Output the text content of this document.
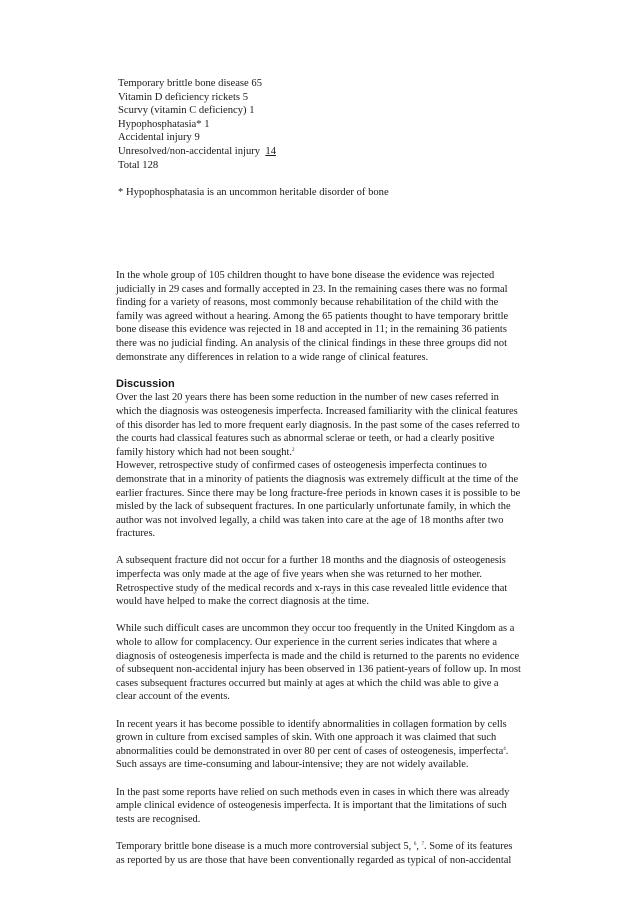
Temporary brittle bone disease 65
Vitamin D deficiency rickets 5
Scurvy (vitamin C deficiency) 1
Hypophosphatasia* 1
Accidental injury 9
Unresolved/non-accidental injury 14
Total 128
* Hypophosphatasia is an uncommon heritable disorder of bone

In the whole group of 105 children thought to have bone disease the evidence was rejected
judicially in 29 cases and formally accepted in 23. In the remaining cases there was no formal
finding for a variety of reasons, most commonly because rehabilitation of the child with the
family was agreed without a hearing. Among the 65 patients thought to have temporary brittle
bone disease this evidence was rejected in 18 and accepted in 11; in the remaining 36 patients
there was no judicial finding. An analysis of the clinical findings in these three groups did not
demonstrate any differences in relation to a wide range of clinical features.

Discussion

Over the last 20 years there has been some reduction in the number of new cases referred in
which the diagnosis was osteogenesis imperfecta. Increased familiarity with the clinical features
of this disorder has led to more frequent early diagnosis. In the past some of the cases referred to
the courts had classical features such as abnormal sclerae or teeth, or had a clearly positive
family history which had not been sought.$^2$

However, retrospective study of confirmed cases of osteogenesis imperfecta continues to
demonstrate that in a minority of patients the diagnosis was extremely difficult at the time of the
earlier fractures. Since there may be long fracture-free periods in known cases it is possible to be
misled by the lack of subsequent fractures. In one particularly unfortunate family, in which the
author was not involved legally, a child was taken into care at the age of 18 months after two
fractures.

A subsequent fracture did not occur for a further 18 months and the diagnosis of osteogenesis
imperfecta was only made at the age of five years when she was returned to her mother.
Retrospective study of the medical records and x-rays in this case revealed little evidence that
would have helped to make the correct diagnosis at the time.

While such difficult cases are uncommon they occur too frequently in the United Kingdom as a
whole to allow for complacency. Our experience in the current series indicates that where a
diagnosis of osteogenesis imperfecta is made and the child is returned to the parents no evidence
of subsequent non-accidental injury has been observed in 136 patient-years of follow up. In most
cases subsequent fractures occurred but mainly at ages at which the child was able to give a
clear account of the events.

In recent years it has become possible to identify abnormalities in collagen formation by cells
grown in culture from excised samples of skin. With one approach it was claimed that such
abnormalities could be demonstrated in over 80 per cent of cases of osteogenesis, imperfecta$^4$.
Such assays are time-consuming and labour-intensive; they are not widely available.

In the past some reports have relied on such methods even in cases in which there was already
ample clinical evidence of osteogenesis imperfecta. It is important that the limitations of such
tests are recognised.

Temporary brittle bone disease is a much more controversial subject 5, $^6$, $^7$. Some of its features
as reported by us are those that have been conventionally regarded as typical of non-accidental
